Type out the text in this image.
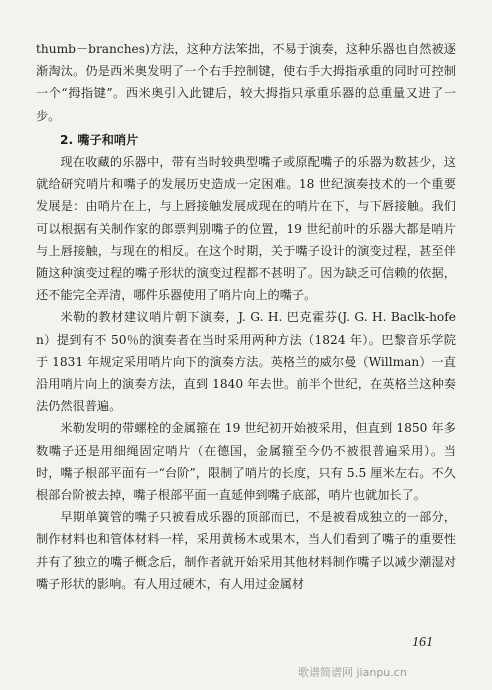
thumb－branches)方法，这种方法笨拙，不易于演奏，这种乐器也自然被逐渐淘汰。仍是西米奥发明了一个右手控制键，使右手大拇指承重的同时可控制一个“拇指键”。西米奥引入此键后，较大拇指只承重乐器的总重量又进了一步。

2. 嘴子和哨片

现在收藏的乐器中，带有当时较典型嘴子或原配嘴子的乐器为数甚少，这就给研究哨片和嘴子的发展历史造成一定困难。18 世纪演奏技术的一个重要发展是：由哨片在上，与上唇接触发展成现在的哨片在下，与下唇接触。我们可以根据有关制作家的郎票判别嘴子的位置，19 世纪前叶的乐器大都是哨片与上唇接触，与现在的相反。在这个时期，关于嘴子设计的演变过程，甚至伴随这种演变过程的嘴子形状的演变过程都不甚明了。因为缺乏可信赖的依据，还不能完全弄清，哪件乐器使用了哨片向上的嘴子。

米勒的教材建议哨片朝下演奏，J. G. H. 巴克霍芬(J. G. H. Baclk-hofen）提到有不 50％的演奏者在当时采用两种方法（1824 年）。巴黎音乐学院于 1831 年规定采用哨片向下的演奏方法。英格兰的威尔曼（Willman）一直沿用哨片向上的演奏方法，直到 1840 年去世。前半个世纪，在英格兰这种奏法仍然很普遍。

米勒发明的带螺栓的金属箍在 19 世纪初开始被采用，但直到 1850 年多数嘴子还是用细绳固定哨片（在德国，金属箍至今仍不被很普遍采用）。当时，嘴子根部平面有一“台阶”，限制了哨片的长度，只有 5.5 厘米左右。不久根部台阶被去掉，嘴子根部平面一直延伸到嘴子底部，哨片也就加长了。

早期单簧管的嘴子只被看成乐器的顶部而已，不是被看成独立的一部分，制作材料也和管体材料一样，采用黄杨木或果木，当人们看到了嘴子的重要性并有了独立的嘴子概念后，制作者就开始采用其他材料制作嘴子以减少潮湿对嘴子形状的影响。有人用过硬木，有人用过金属材

161
歌谱简谱网 jianpu.cn
